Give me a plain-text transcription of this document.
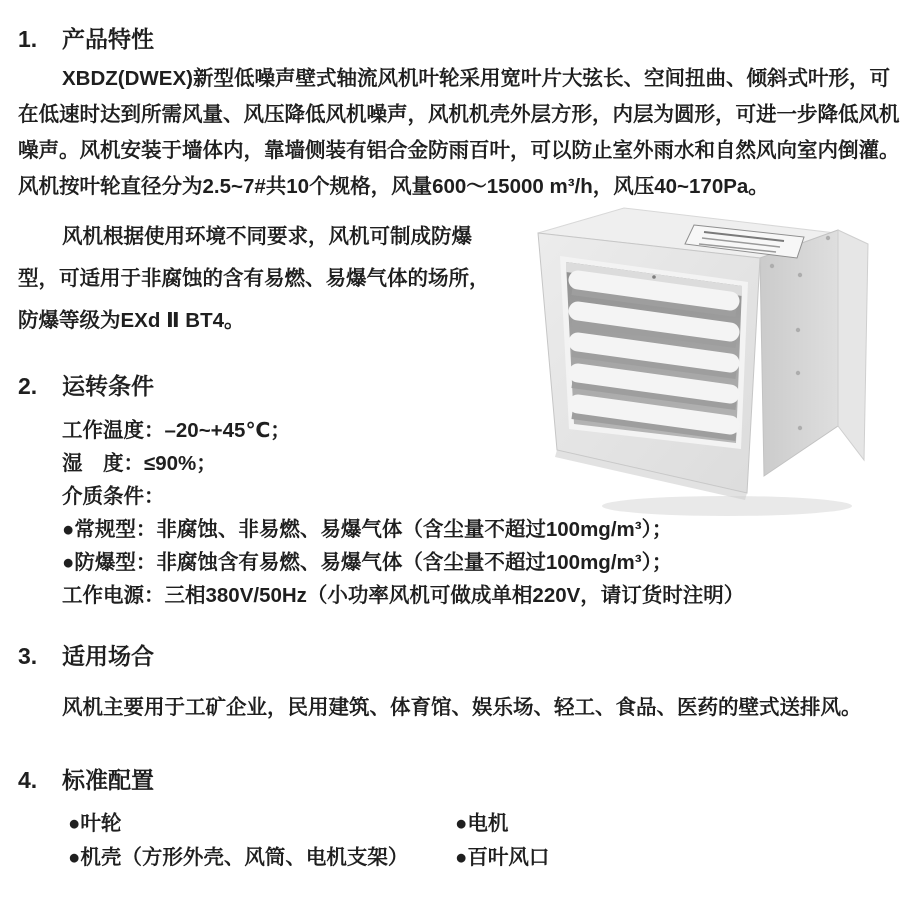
1.	产品特性
XBDZ(DWEX)新型低噪声壁式轴流风机叶轮采用宽叶片大弦长、空间扭曲、倾斜式叶形，可
在低速时达到所需风量、风压降低风机噪声，风机机壳外层方形，内层为圆形，可进一步降低风机
噪声。风机安装于墙体内，靠墙侧装有铝合金防雨百叶，可以防止室外雨水和自然风向室内倒灌。
风机按叶轮直径分为2.5~7#共10个规格，风量600～15000 m³/h，风压40~170Pa。
风机根据使用环境不同要求，风机可制成防爆
型，可适用于非腐蚀的含有易燃、易爆气体的场所，
防爆等级为EXd Ⅱ BT4。
2.	运转条件
工作温度：–20~+45℃；
湿　度：≤90%；
介质条件：
●常规型：非腐蚀、非易燃、易爆气体（含尘量不超过100mg/m³）；
●防爆型：非腐蚀含有易燃、易爆气体（含尘量不超过100mg/m³）；
工作电源：三相380V/50Hz（小功率风机可做成单相220V，请订货时注明）
3.	适用场合
风机主要用于工矿企业，民用建筑、体育馆、娱乐场、轻工、食品、医药的壁式送排风。
4.	标准配置
●叶轮	●电机
●机壳（方形外壳、风筒、电机支架） ●百叶风口
